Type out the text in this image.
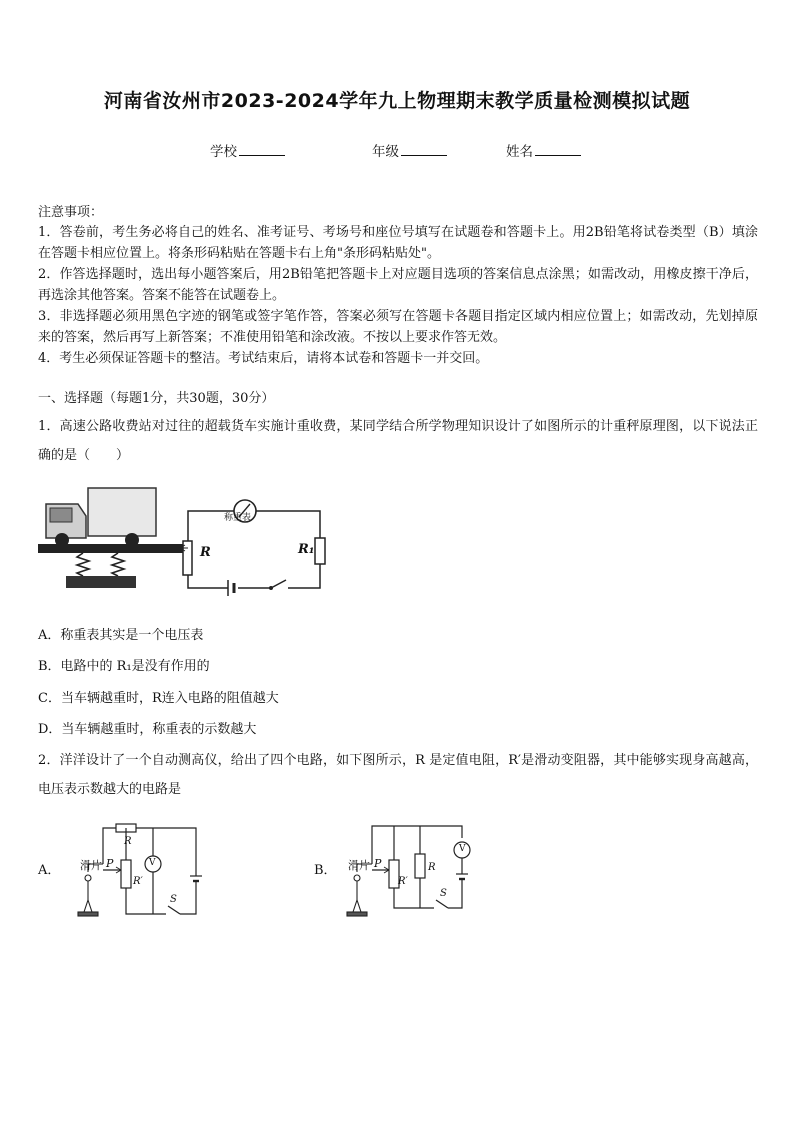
河南省汝州市2023-2024学年九上物理期末教学质量检测模拟试题
学校	年级	姓名
注意事项：

1．答卷前，考生务必将自己的姓名、准考证号、考场号和座位号填写在试题卷和答题卡上。用2B铅笔将试卷类型（B）填涂在答题卡相应位置上。将条形码粘贴在答题卡右上角"条形码粘贴处"。

2．作答选择题时，选出每小题答案后，用2B铅笔把答题卡上对应题目选项的答案信息点涂黑；如需改动，用橡皮擦干净后，再选涂其他答案。答案不能答在试题卷上。

3．非选择题必须用黑色字迹的钢笔或签字笔作答，答案必须写在答题卡各题目指定区域内相应位置上；如需改动，先划掉原来的答案，然后再写上新答案；不准使用铅笔和涂改液。不按以上要求作答无效。

4．考生必须保证答题卡的整洁。考试结束后，请将本试卷和答题卡一并交回。

一、选择题（每题1分，共30题，30分）
1．高速公路收费站对过往的超载货车实施计重收费，某同学结合所学物理知识设计了如图所示的计重秤原理图，以下说法正确的是（　　）
称重表
R	R₁
A．称重表其实是一个电压表
B．电路中的 R₁是没有作用的
C．当车辆越重时，R连入电路的阻值越大
D．当车辆越重时，称重表的示数越大
2．洋洋设计了一个自动测高仪，给出了四个电路，如下图所示，R 是定值电阻，R′是滑动变阻器，其中能够实现身高越高，电压表示数越大的电路是
A． 滑片 P
R
R′
V
S
B． 滑片 P	R
R′
V
S
